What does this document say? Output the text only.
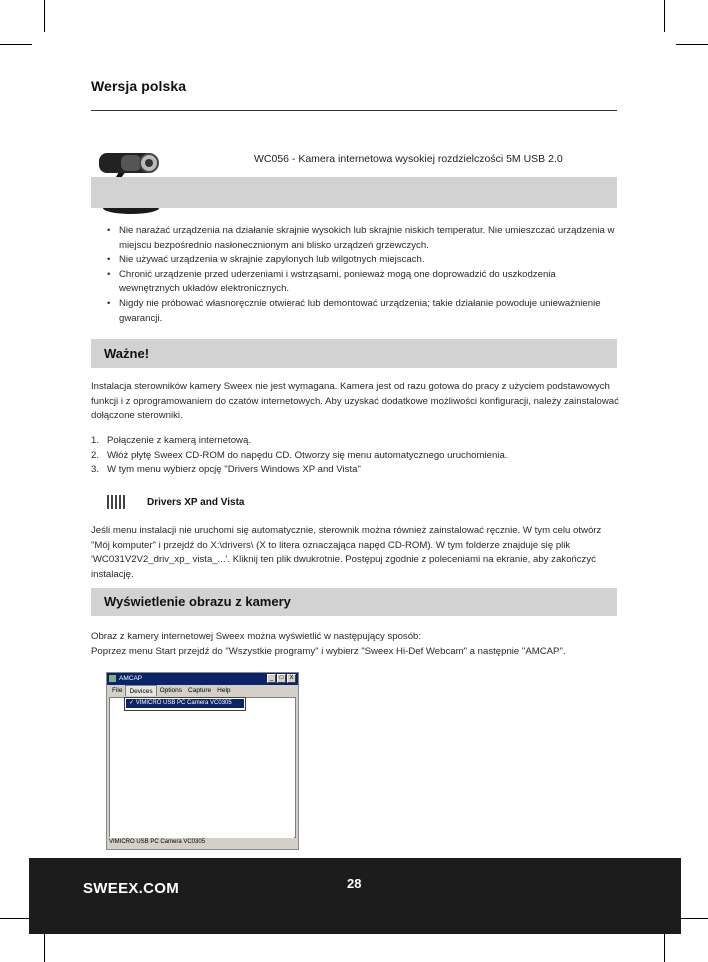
Wersja polska
WC056 - Kamera internetowa wysokiej rozdzielczości 5M USB 2.0
• Nie narażać urządzenia na działanie skrajnie wysokich lub skrajnie niskich temperatur. Nie umieszczać urządzenia w miejscu bezpośrednio nasłonecznionym ani blisko urządzeń grzewczych.
• Nie używać urządzenia w skrajnie zapylonych lub wilgotnych miejscach.
• Chronić urządzenie przed uderzeniami i wstrząsami, ponieważ mogą one doprowadzić do uszkodzenia wewnętrznych układów elektronicznych.
• Nigdy nie próbować własnoręcznie otwierać lub demontować urządzenia; takie działanie powoduje unieważnienie gwarancji.
Ważne!
Instalacja sterowników kamery Sweex nie jest wymagana. Kamera jest od razu gotowa do pracy z użyciem podstawowych funkcji i z oprogramowaniem do czatów internetowych. Aby uzyskać dodatkowe możliwości konfiguracji, należy zainstalować dołączone sterowniki.
1. Połączenie z kamerą internetową.
2. Włóż płytę Sweex CD-ROM do napędu CD. Otworzy się menu automatycznego uruchomienia.
3. W tym menu wybierz opcję "Drivers Windows XP and Vista"
Drivers XP and Vista
Jeśli menu instalacji nie uruchomi się automatycznie, sterownik można również zainstalować ręcznie. W tym celu otwórz "Mój komputer" i przejdź do X:\drivers\ (X to litera oznaczająca napęd CD-ROM). W tym folderze znajduje się plik 'WC031V2V2_driv_xp_ vista_...'. Kliknij ten plik dwukrotnie. Postępuj zgodnie z poleceniami na ekranie, aby zakończyć instalację.
Wyświetlenie obrazu z kamery
Obraz z kamery internetowej Sweex można wyświetlić w następujący sposób:
Poprzez menu Start przejdź do "Wszystkie programy" i wybierz "Sweex Hi-Def Webcam" a następnie "AMCAP".
AMCAP	_	□	X
File	Devices	Options Capture Help
✓ VIMICRO USB PC Camera VC0305
VIMICRO USB PC Camera VC0305
SWEEX.COM	28
